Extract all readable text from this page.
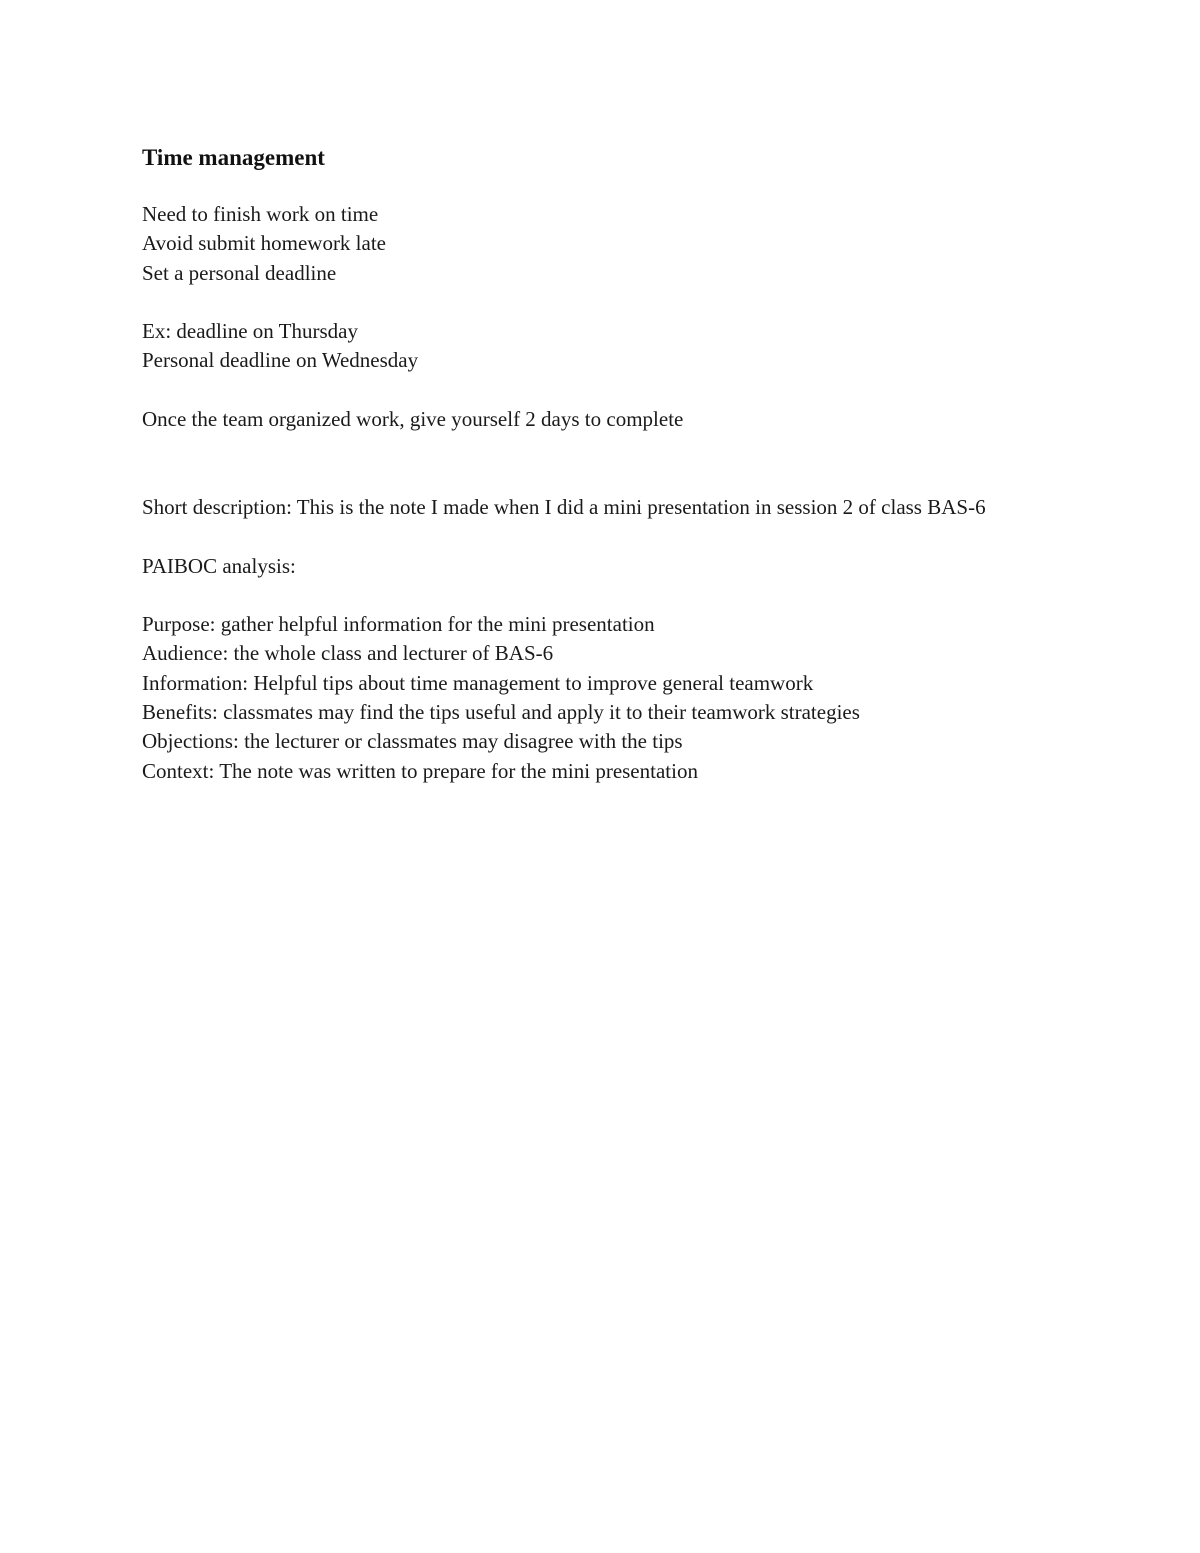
Time management

Need to finish work on time

Avoid submit homework late

Set a personal deadline

Ex: deadline on Thursday

Personal deadline on Wednesday

Once the team organized work, give yourself 2 days to complete

Short description: This is the note I made when I did a mini presentation in session 2 of class BAS-6

PAIBOC analysis:

Purpose: gather helpful information for the mini presentation

Audience: the whole class and lecturer of BAS-6

Information: Helpful tips about time management to improve general teamwork

Benefits: classmates may find the tips useful and apply it to their teamwork strategies

Objections: the lecturer or classmates may disagree with the tips

Context: The note was written to prepare for the mini presentation
